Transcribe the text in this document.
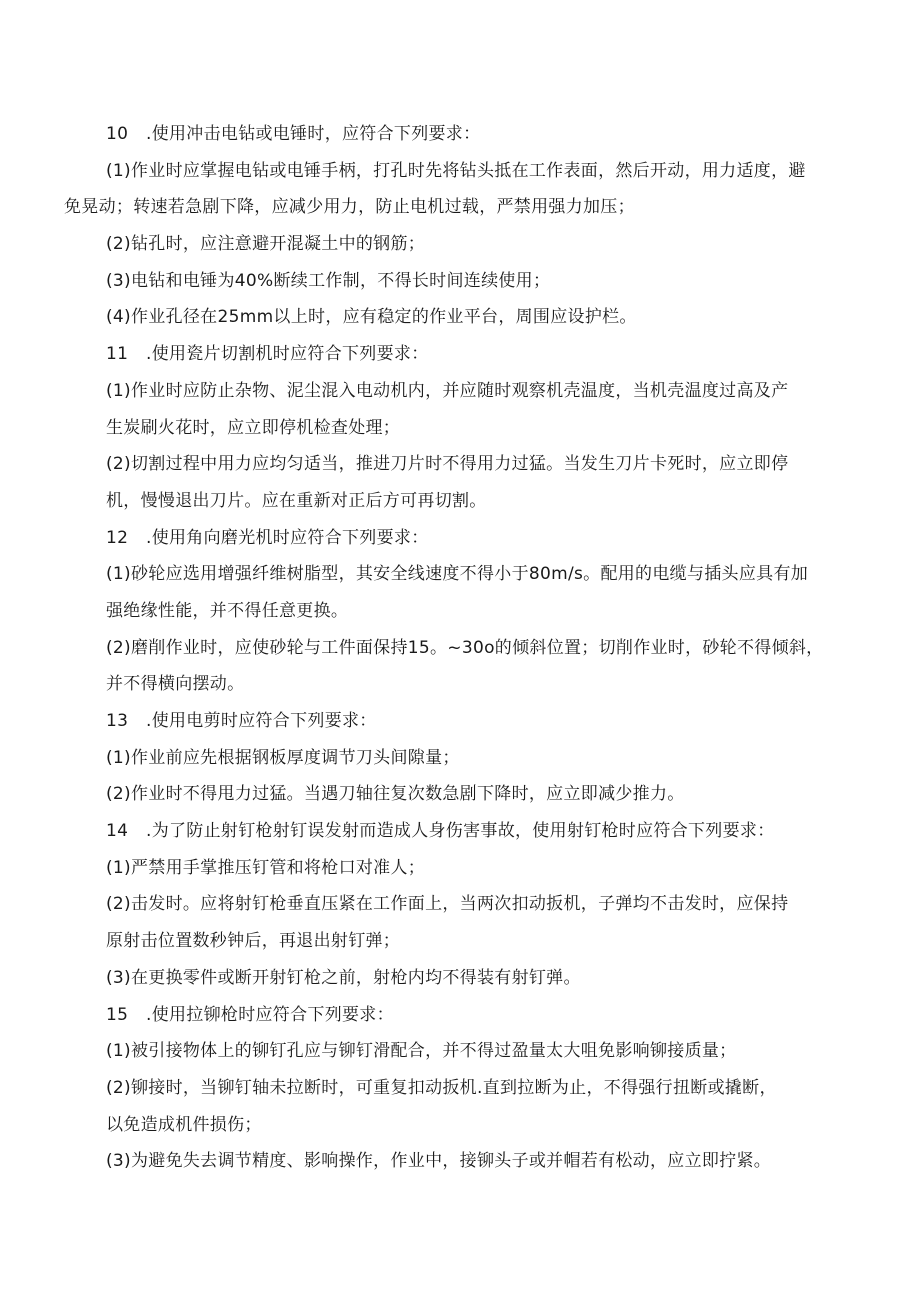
10 .使用冲击电钻或电锤时，应符合下列要求：
(1)作业时应掌握电钻或电锤手柄，打孔时先将钻头抵在工作表面，然后开动，用力适度，避
免晃动；转速若急剧下降，应减少用力，防止电机过载，严禁用强力加压；
(2)钻孔时，应注意避开混凝土中的钢筋；
(3)电钻和电锤为40%断续工作制，不得长时间连续使用；
(4)作业孔径在25mm以上时，应有稳定的作业平台，周围应设护栏。
11 .使用瓷片切割机时应符合下列要求：
(1)作业时应防止杂物、泥尘混入电动机内，并应随时观察机壳温度，当机壳温度过高及产
生炭刷火花时，应立即停机检查处理；
(2)切割过程中用力应均匀适当，推进刀片时不得用力过猛。当发生刀片卡死时，应立即停
机，慢慢退出刀片。应在重新对正后方可再切割。
12 .使用角向磨光机时应符合下列要求：
(1)砂轮应选用增强纤维树脂型，其安全线速度不得小于80m/s。配用的电缆与插头应具有加
强绝缘性能，并不得任意更换。
(2)磨削作业时，应使砂轮与工件面保持15。~30o的倾斜位置；切削作业时，砂轮不得倾斜，
并不得横向摆动。
13 .使用电剪时应符合下列要求：
(1)作业前应先根据钢板厚度调节刀头间隙量；
(2)作业时不得甩力过猛。当遇刀轴往复次数急剧下降时，应立即减少推力。
14 .为了防止射钉枪射钉误发射而造成人身伤害事故，使用射钉枪时应符合下列要求：
(1)严禁用手掌推压钉管和将枪口对准人；
(2)击发时。应将射钉枪垂直压紧在工作面上，当两次扣动扳机，子弹均不击发时，应保持
原射击位置数秒钟后，再退出射钉弹；
(3)在更换零件或断开射钉枪之前，射枪内均不得装有射钉弹。
15 .使用拉铆枪时应符合下列要求：
(1)被引接物体上的铆钉孔应与铆钉滑配合，并不得过盈量太大咀免影响铆接质量；
(2)铆接时，当铆钉轴未拉断时，可重复扣动扳机.直到拉断为止，不得强行扭断或撬断，
以免造成机件损伤；
(3)为避免失去调节精度、影响操作，作业中，接铆头子或并帽若有松动，应立即拧紧。
